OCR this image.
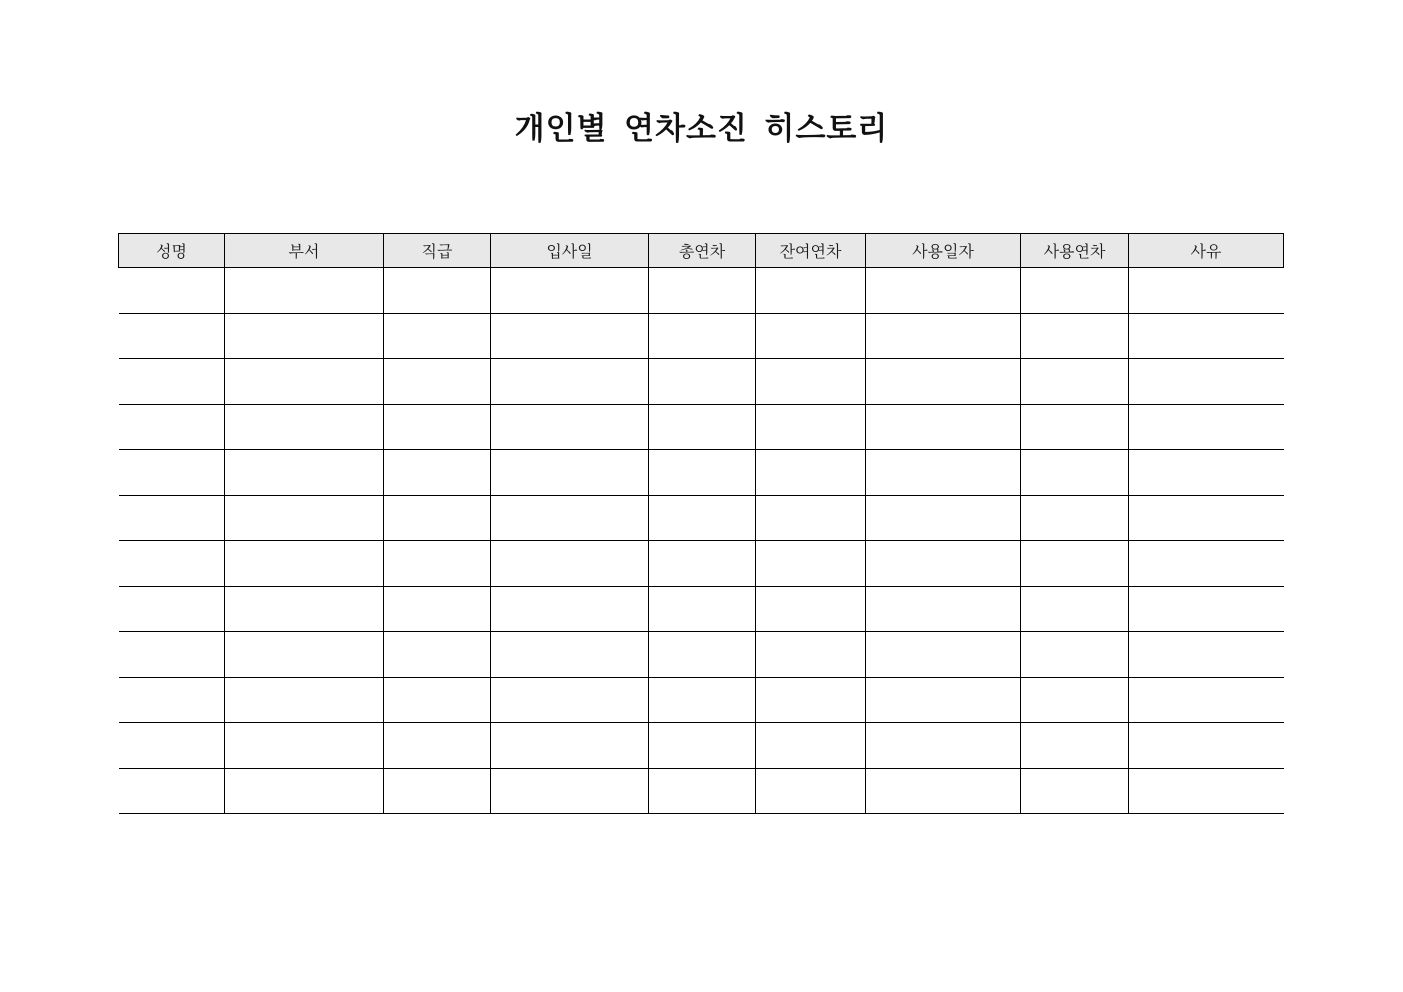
개인별 연차소진 히스토리
성명	부서	직급	입사일	총연차	잔여연차	사용일자	사용연차	사유
